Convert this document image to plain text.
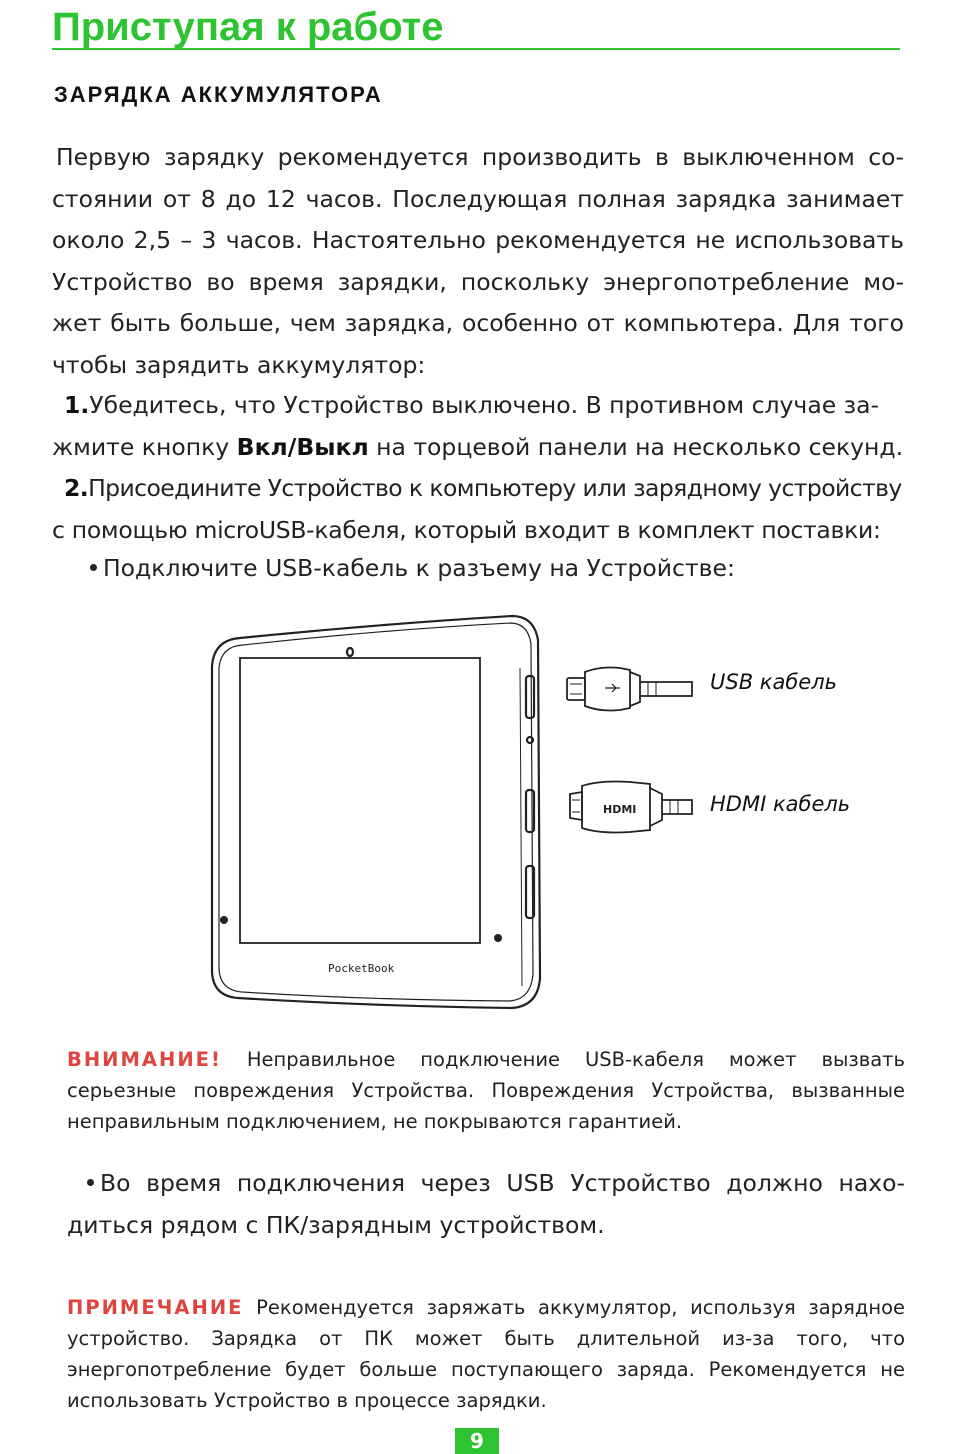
Приступая к работе
ЗАРЯДКА АККУМУЛЯТОРА
Первую зарядку рекомендуется производить в выключенном со- стоянии от 8 до 12 часов. Последующая полная зарядка занимает около 2,5 – 3 часов. Настоятельно рекомендуется не использовать Устройство во время зарядки, поскольку энергопотребление мо- жет быть больше, чем зарядка, особенно от компьютера. Для того чтобы зарядить аккумулятор:
1.Убедитесь, что Устройство выключено. В противном случае за-
жмите кнопку Вкл/Выкл на торцевой панели на несколько секунд.
2.Присоедините Устройство к компьютеру или зарядному устройству
с помощью microUSB-кабеля, который входит в комплект поставки:
Подключите USB-кабель к разъему на Устройстве:
PocketBook
HDMI
USB кабель
HDMI кабель
ВНИМАНИЕ! Неправильное подключение USB-кабеля может вызвать серьезные повреждения Устройства. Повреждения Устройства, вызванные неправильным подключением, не покрываются гарантией.
Во время подключения через USB Устройство должно нахо- диться рядом с ПК/зарядным устройством.
ПРИМЕЧАНИЕ Рекомендуется заряжать аккумулятор, используя зарядное устройство. Зарядка от ПК может быть длительной из-за того, что энергопотребление будет больше поступающего заряда. Рекомендуется не использовать Устройство в процессе зарядки.
9
